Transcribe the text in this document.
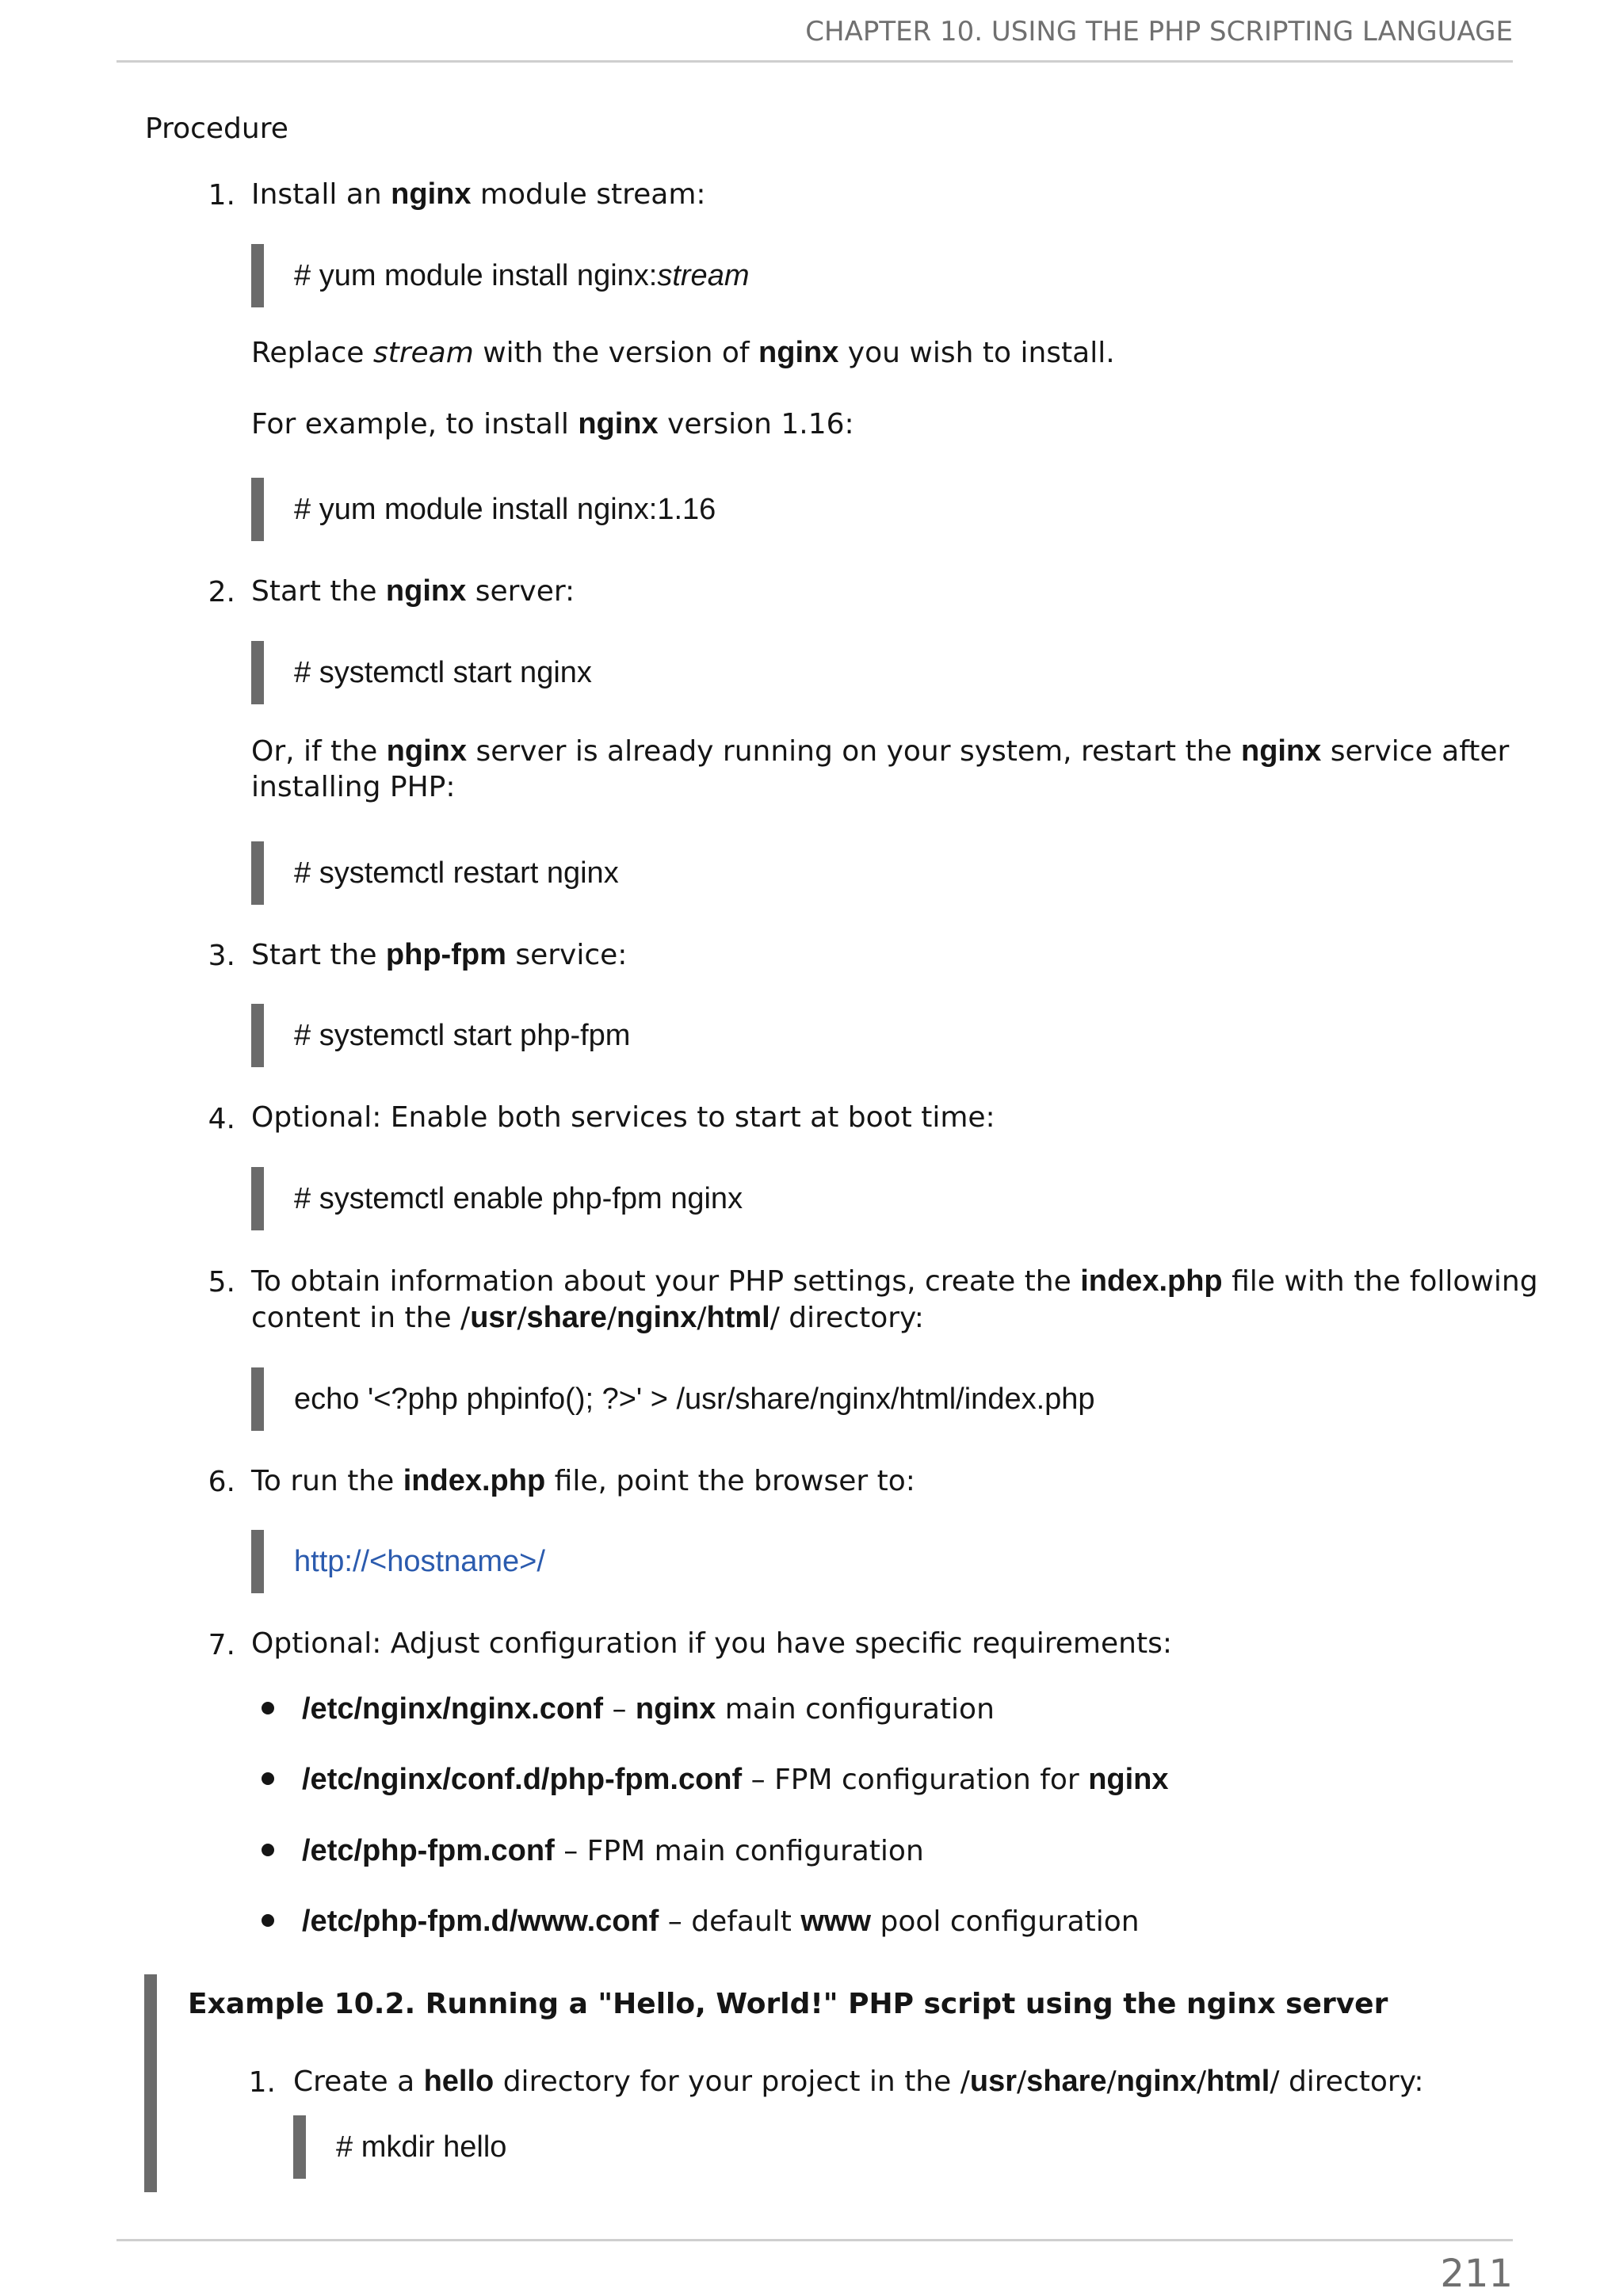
CHAPTER 10. USING THE PHP SCRIPTING LANGUAGE
Procedure
1. Install an nginx module stream:
# yum module install nginx:stream
Replace stream with the version of nginx you wish to install.
For example, to install nginx version 1.16:
# yum module install nginx:1.16
2. Start the nginx server:
# systemctl start nginx
Or, if the nginx server is already running on your system, restart the nginx service after
installing PHP:
# systemctl restart nginx
3. Start the php-fpm service:
# systemctl start php-fpm
4. Optional: Enable both services to start at boot time:
# systemctl enable php-fpm nginx
5. To obtain information about your PHP settings, create the index.php file with the following
content in the /usr/share/nginx/html/ directory:
echo '<?php phpinfo(); ?>' > /usr/share/nginx/html/index.php
6. To run the index.php file, point the browser to:
http://<hostname>/
7. Optional: Adjust configuration if you have specific requirements:
/etc/nginx/nginx.conf – nginx main configuration
/etc/nginx/conf.d/php-fpm.conf – FPM configuration for nginx
/etc/php-fpm.conf – FPM main configuration
/etc/php-fpm.d/www.conf – default www pool configuration
Example 10.2. Running a "Hello, World!" PHP script using the nginx server
1. Create a hello directory for your project in the /usr/share/nginx/html/ directory:
# mkdir hello
211
